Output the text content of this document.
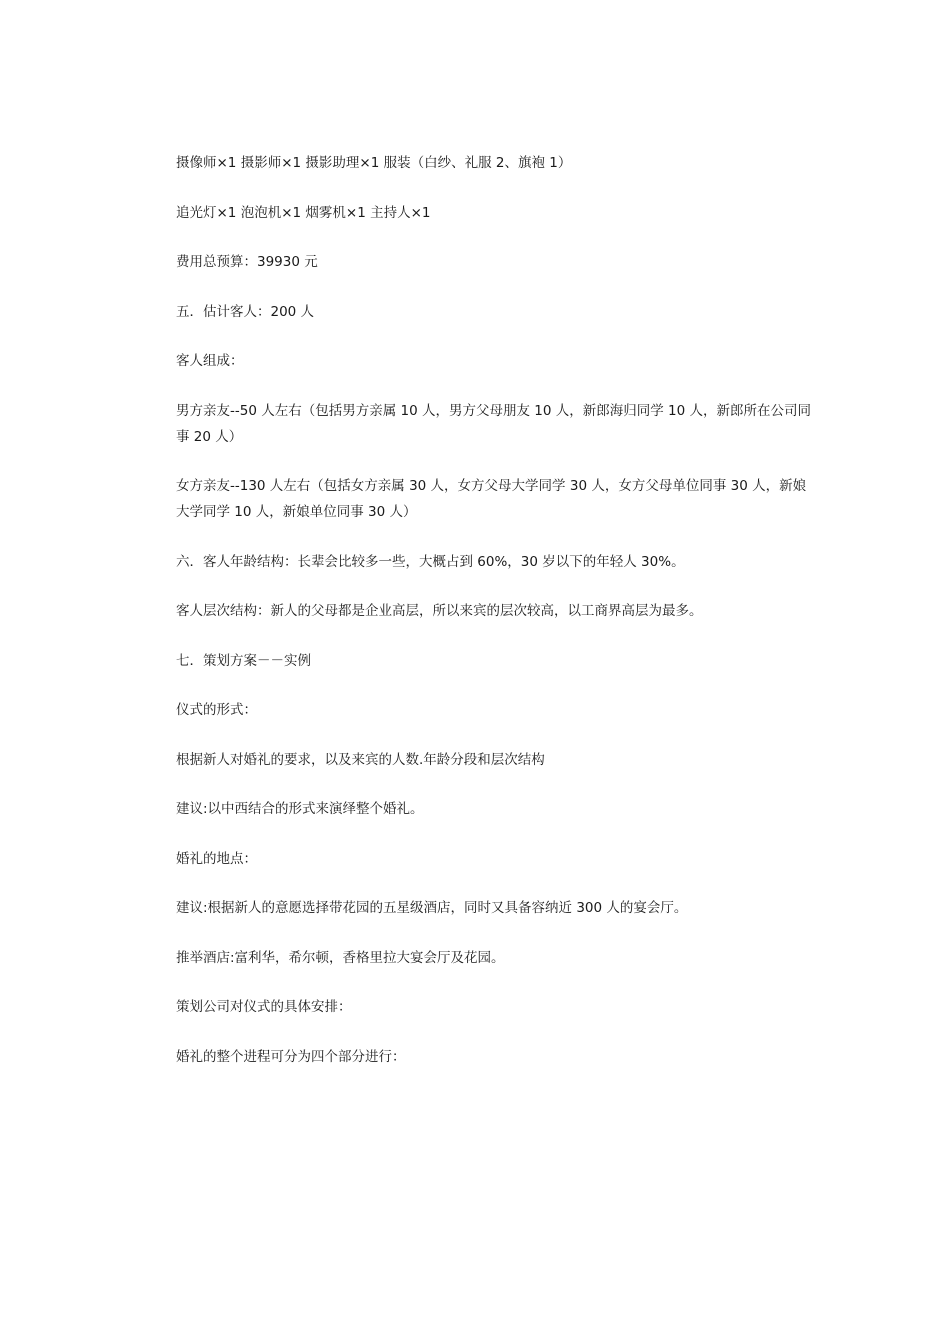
摄像师×1 摄影师×1 摄影助理×1 服装（白纱、礼服 2、旗袍 1）

追光灯×1 泡泡机×1 烟雾机×1 主持人×1

费用总预算：39930 元

五．估计客人：200 人

客人组成：

男方亲友--50 人左右（包括男方亲属 10 人，男方父母朋友 10 人，新郎海归同学 10 人，新郎所在公司同事 20 人）

女方亲友--130 人左右（包括女方亲属 30 人，女方父母大学同学 30 人，女方父母单位同事 30 人，新娘大学同学 10 人，新娘单位同事 30 人）

六．客人年龄结构：长辈会比较多一些，大概占到 60%，30 岁以下的年轻人 30%。

客人层次结构：新人的父母都是企业高层，所以来宾的层次较高，以工商界高层为最多。

七．策划方案－－实例

仪式的形式：

根据新人对婚礼的要求，以及来宾的人数.年龄分段和层次结构

建议:以中西结合的形式来演绎整个婚礼。

婚礼的地点：

建议:根据新人的意愿选择带花园的五星级酒店，同时又具备容纳近 300 人的宴会厅。

推举酒店:富利华，希尔顿，香格里拉大宴会厅及花园。

策划公司对仪式的具体安排：

婚礼的整个进程可分为四个部分进行：
